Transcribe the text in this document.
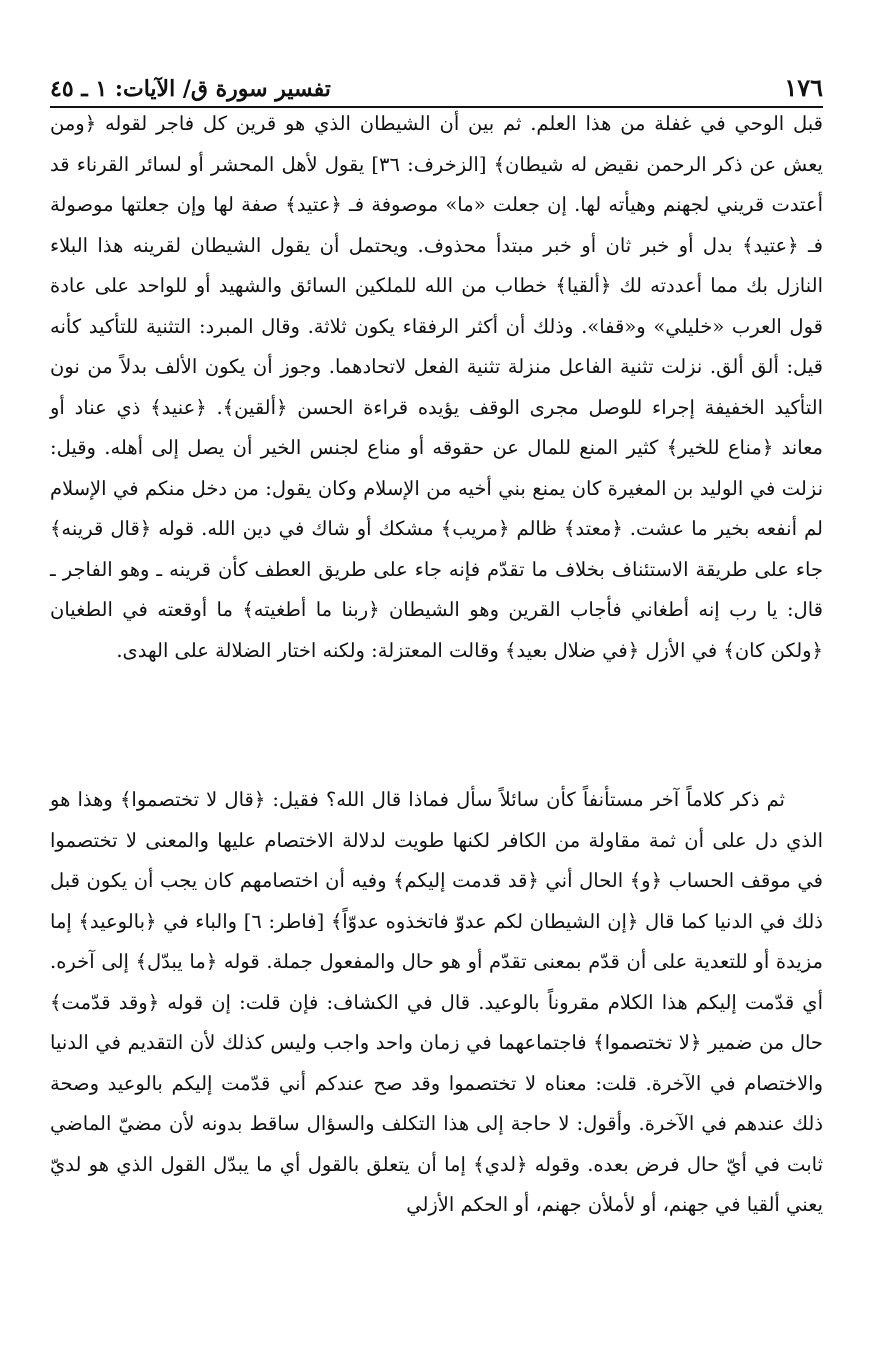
١٧٦
تفسير سورة ق/ الآيات: ١ ـ ٤٥

قبل الوحي في غفلة من هذا العلم. ثم بين أن الشيطان الذي هو قرين كل فاجر لقوله ﴿ومن يعش عن ذكر الرحمن نقيض له شيطان﴾ [الزخرف: ٣٦] يقول لأهل المحشر أو لسائر القرناء قد أعتدت قريني لجهنم وهيأته لها. إن جعلت «ما» موصوفة فـ ﴿عتيد﴾ صفة لها وإن جعلتها موصولة فـ ﴿عتيد﴾ بدل أو خبر ثان أو خبر مبتدأ محذوف. ويحتمل أن يقول الشيطان لقرينه هذا البلاء النازل بك مما أعددته لك ﴿ألقيا﴾ خطاب من الله للملكين السائق والشهيد أو للواحد على عادة قول العرب «خليلي» و«قفا». وذلك أن أكثر الرفقاء يكون ثلاثة. وقال المبرد: التثنية للتأكيد كأنه قيل: ألق ألق. نزلت تثنية الفاعل منزلة تثنية الفعل لاتحادهما. وجوز أن يكون الألف بدلاً من نون التأكيد الخفيفة إجراء للوصل مجرى الوقف يؤيده قراءة الحسن ﴿ألقين﴾. ﴿عنيد﴾ ذي عناد أو معاند ﴿مناع للخير﴾ كثير المنع للمال عن حقوقه أو مناع لجنس الخير أن يصل إلى أهله. وقيل: نزلت في الوليد بن المغيرة كان يمنع بني أخيه من الإسلام وكان يقول: من دخل منكم في الإسلام لم أنفعه بخير ما عشت. ﴿معتد﴾ ظالم ﴿مريب﴾ مشكك أو شاك في دين الله. قوله ﴿قال قرينه﴾ جاء على طريقة الاستئناف بخلاف ما تقدّم فإنه جاء على طريق العطف كأن قرينه ـ وهو الفاجر ـ قال: يا رب إنه أطغاني فأجاب القرين وهو الشيطان ﴿ربنا ما أطغيته﴾ ما أوقعته في الطغيان ﴿ولكن كان﴾ في الأزل ﴿في ضلال بعيد﴾ وقالت المعتزلة: ولكنه اختار الضلالة على الهدى.

ثم ذكر كلاماً آخر مستأنفاً كأن سائلاً سأل فماذا قال الله؟ فقيل: ﴿قال لا تختصموا﴾ وهذا هو الذي دل على أن ثمة مقاولة من الكافر لكنها طويت لدلالة الاختصام عليها والمعنى لا تختصموا في موقف الحساب ﴿و﴾ الحال أني ﴿قد قدمت إليكم﴾ وفيه أن اختصامهم كان يجب أن يكون قبل ذلك في الدنيا كما قال ﴿إن الشيطان لكم عدوّ فاتخذوه عدوّاً﴾ [فاطر: ٦] والباء في ﴿بالوعيد﴾ إما مزيدة أو للتعدية على أن قدّم بمعنى تقدّم أو هو حال والمفعول جملة. قوله ﴿ما يبدّل﴾ إلى آخره. أي قدّمت إليكم هذا الكلام مقروناً بالوعيد. قال في الكشاف: فإن قلت: إن قوله ﴿وقد قدّمت﴾ حال من ضمير ﴿لا تختصموا﴾ فاجتماعهما في زمان واحد واجب وليس كذلك لأن التقديم في الدنيا والاختصام في الآخرة. قلت: معناه لا تختصموا وقد صح عندكم أني قدّمت إليكم بالوعيد وصحة ذلك عندهم في الآخرة. وأقول: لا حاجة إلى هذا التكلف والسؤال ساقط بدونه لأن مضيّ الماضي ثابت في أيّ حال فرض بعده. وقوله ﴿لدي﴾ إما أن يتعلق بالقول أي ما يبدّل القول الذي هو لديّ يعني ألقيا في جهنم، أو لأملأن جهنم، أو الحكم الأزلي
